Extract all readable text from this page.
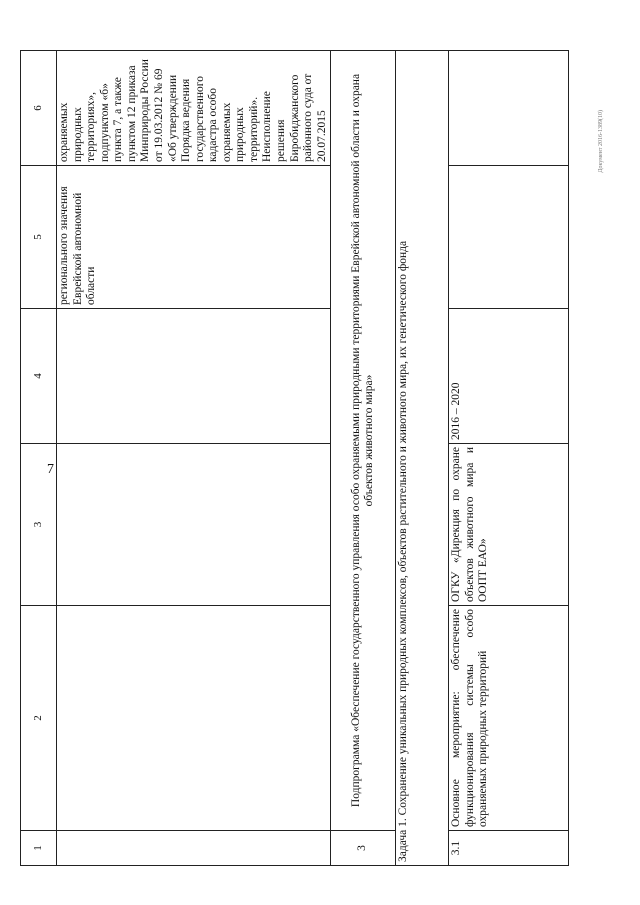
7
Документ 2016-1389(10)
1	2	3	4	5	6
				регионального значения Еврейской автономной области	охраняемых природных территориях», подпунктом «б» пункта 7, а также пунктом 12 приказа Минприроды России от 19.03.2012 № 69 «Об утверждении Порядка ведения государственного кадастра особо охраняемых природных территорий». Неисполнение решения Биробиджанского районного суда от 20.07.2015
3	Подпрограмма «Обеспечение государственного управления особо охраняемыми природными территориями Еврейской автономной области и охрана объектов животного мира»				
Задача 1. Сохранение уникальных природных комплексов, объектов растительного и животного мира, их генетического фонда					
3.1	Основное мероприятие: обеспечение функционирования системы особо охраняемых природных территорий	ОГКУ «Дирекция по охране объектов животного мира и ООПТ ЕАО»	2016 – 2020		
